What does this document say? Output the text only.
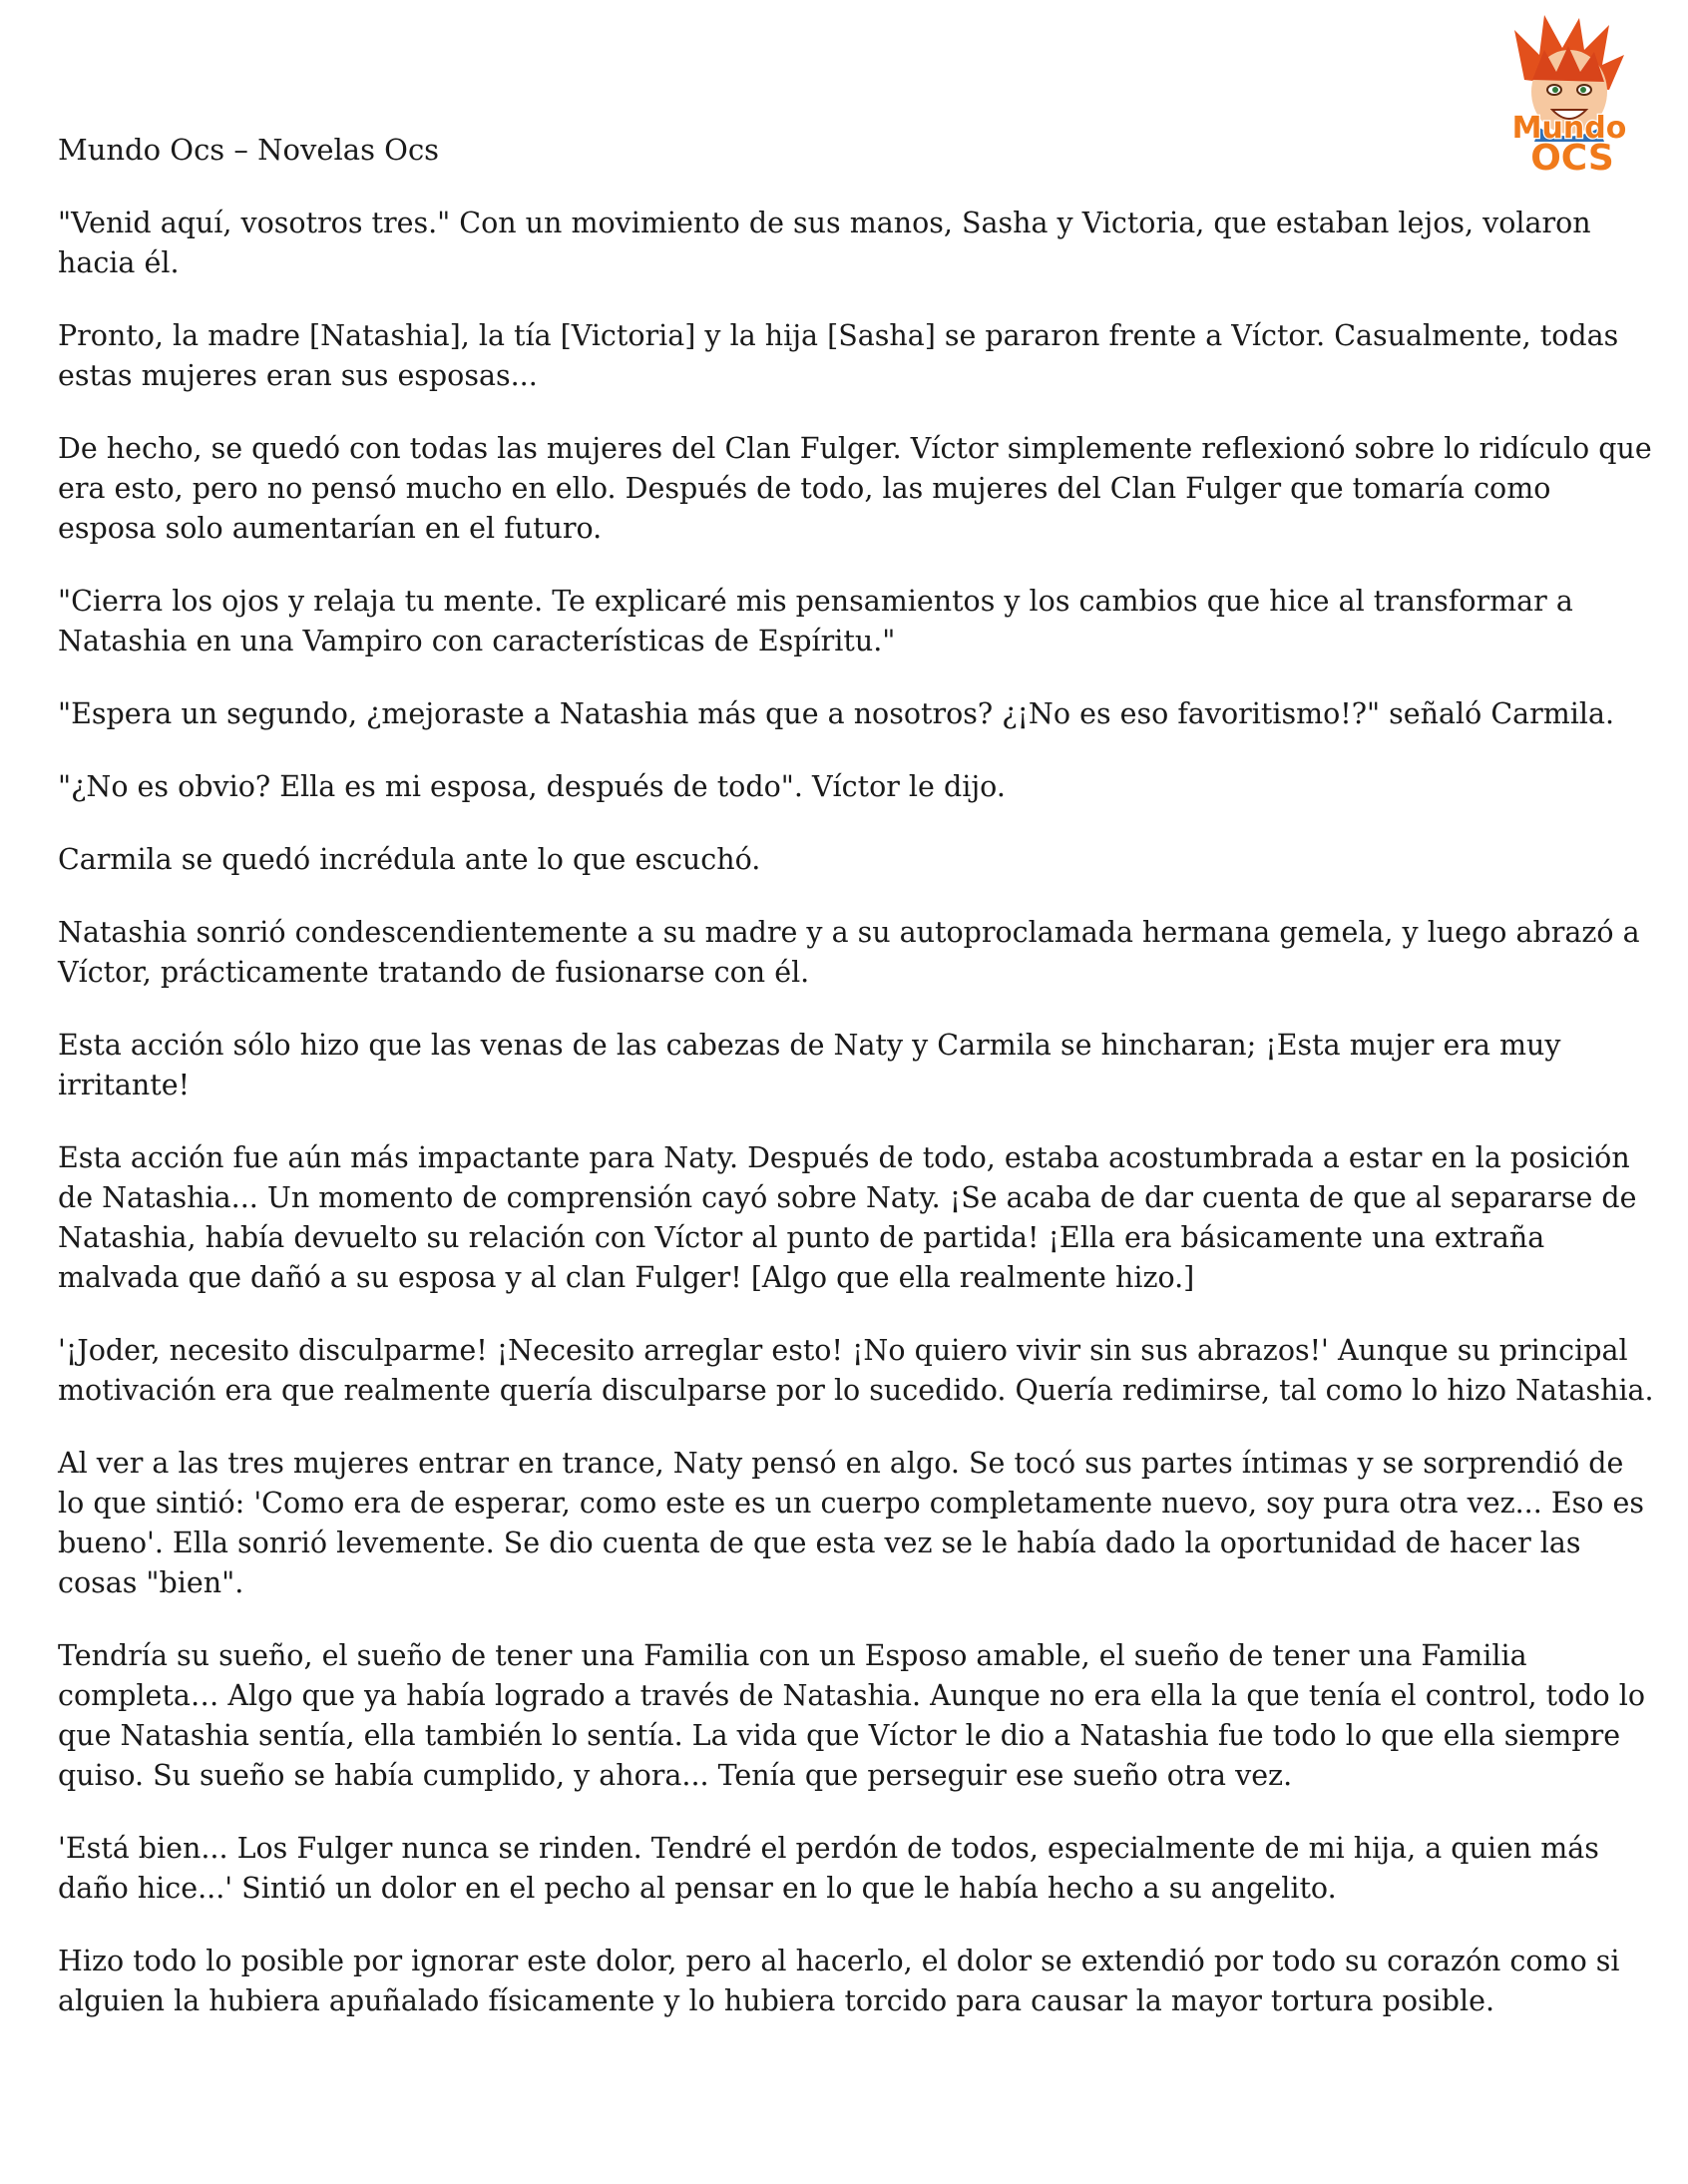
Mundo Ocs – Novelas Ocs
Mundo
OCS

"Venid aquí, vosotros tres." Con un movimiento de sus manos, Sasha y Victoria, que estaban lejos, volaron hacia él.

Pronto, la madre [Natashia], la tía [Victoria] y la hija [Sasha] se pararon frente a Víctor. Casualmente, todas estas mujeres eran sus esposas...

De hecho, se quedó con todas las mujeres del Clan Fulger. Víctor simplemente reflexionó sobre lo ridículo que era esto, pero no pensó mucho en ello. Después de todo, las mujeres del Clan Fulger que tomaría como esposa solo aumentarían en el futuro.

"Cierra los ojos y relaja tu mente. Te explicaré mis pensamientos y los cambios que hice al transformar a Natashia en una Vampiro con características de Espíritu."

"Espera un segundo, ¿mejoraste a Natashia más que a nosotros? ¿¡No es eso favoritismo!?" señaló Carmila.

"¿No es obvio? Ella es mi esposa, después de todo". Víctor le dijo.

Carmila se quedó incrédula ante lo que escuchó.

Natashia sonrió condescendientemente a su madre y a su autoproclamada hermana gemela, y luego abrazó a Víctor, prácticamente tratando de fusionarse con él.

Esta acción sólo hizo que las venas de las cabezas de Naty y Carmila se hincharan; ¡Esta mujer era muy irritante!

Esta acción fue aún más impactante para Naty. Después de todo, estaba acostumbrada a estar en la posición de Natashia... Un momento de comprensión cayó sobre Naty. ¡Se acaba de dar cuenta de que al separarse de Natashia, había devuelto su relación con Víctor al punto de partida! ¡Ella era básicamente una extraña malvada que dañó a su esposa y al clan Fulger! [Algo que ella realmente hizo.]

'¡Joder, necesito disculparme! ¡Necesito arreglar esto! ¡No quiero vivir sin sus abrazos!' Aunque su principal motivación era que realmente quería disculparse por lo sucedido. Quería redimirse, tal como lo hizo Natashia.

Al ver a las tres mujeres entrar en trance, Naty pensó en algo. Se tocó sus partes íntimas y se sorprendió de lo que sintió: 'Como era de esperar, como este es un cuerpo completamente nuevo, soy pura otra vez... Eso es bueno'. Ella sonrió levemente. Se dio cuenta de que esta vez se le había dado la oportunidad de hacer las cosas "bien".

Tendría su sueño, el sueño de tener una Familia con un Esposo amable, el sueño de tener una Familia completa… Algo que ya había logrado a través de Natashia. Aunque no era ella la que tenía el control, todo lo que Natashia sentía, ella también lo sentía. La vida que Víctor le dio a Natashia fue todo lo que ella siempre quiso. Su sueño se había cumplido, y ahora... Tenía que perseguir ese sueño otra vez.

'Está bien... Los Fulger nunca se rinden. Tendré el perdón de todos, especialmente de mi hija, a quien más daño hice...' Sintió un dolor en el pecho al pensar en lo que le había hecho a su angelito.

Hizo todo lo posible por ignorar este dolor, pero al hacerlo, el dolor se extendió por todo su corazón como si alguien la hubiera apuñalado físicamente y lo hubiera torcido para causar la mayor tortura posible.
